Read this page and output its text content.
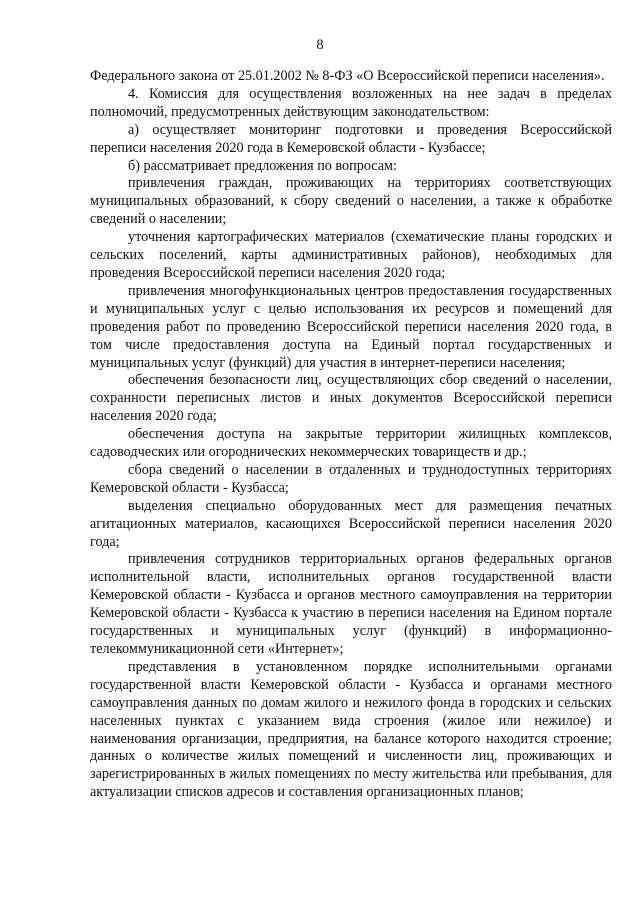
8

Федерального закона от 25.01.2002 № 8-ФЗ «О Всероссийской переписи населения».

4. Комиссия для осуществления возложенных на нее задач в пределах полномочий, предусмотренных действующим законодательством:

а) осуществляет мониторинг подготовки и проведения Всероссийской переписи населения 2020 года в Кемеровской области - Кузбассе;

б) рассматривает предложения по вопросам:

привлечения граждан, проживающих на территориях соответствующих муниципальных образований, к сбору сведений о населении, а также к обработке сведений о населении;

уточнения картографических материалов (схематические планы городских и сельских поселений, карты административных районов), необходимых для проведения Всероссийской переписи населения 2020 года;

привлечения многофункциональных центров предоставления государственных и муниципальных услуг с целью использования их ресурсов и помещений для проведения работ по проведению Всероссийской переписи населения 2020 года, в том числе предоставления доступа на Единый портал государственных и муниципальных услуг (функций) для участия в интернет-переписи населения;

обеспечения безопасности лиц, осуществляющих сбор сведений о населении, сохранности переписных листов и иных документов Всероссийской переписи населения 2020 года;

обеспечения доступа на закрытые территории жилищных комплексов, садоводческих или огороднических некоммерческих товариществ и др.;

сбора сведений о населении в отдаленных и труднодоступных территориях Кемеровской области - Кузбасса;

выделения специально оборудованных мест для размещения печатных агитационных материалов, касающихся Всероссийской переписи населения 2020 года;

привлечения сотрудников территориальных органов федеральных органов исполнительной власти, исполнительных органов государственной власти Кемеровской области - Кузбасса и органов местного самоуправления на территории Кемеровской области - Кузбасса к участию в переписи населения на Едином портале государственных и муниципальных услуг (функций) в информационно-телекоммуникационной сети «Интернет»;

представления в установленном порядке исполнительными органами государственной власти Кемеровской области - Кузбасса и органами местного самоуправления данных по домам жилого и нежилого фонда в городских и сельских населенных пунктах с указанием вида строения (жилое или нежилое) и наименования организации, предприятия, на балансе которого находится строение; данных о количестве жилых помещений и численности лиц, проживающих и зарегистрированных в жилых помещениях по месту жительства или пребывания, для актуализации списков адресов и составления организационных планов;
